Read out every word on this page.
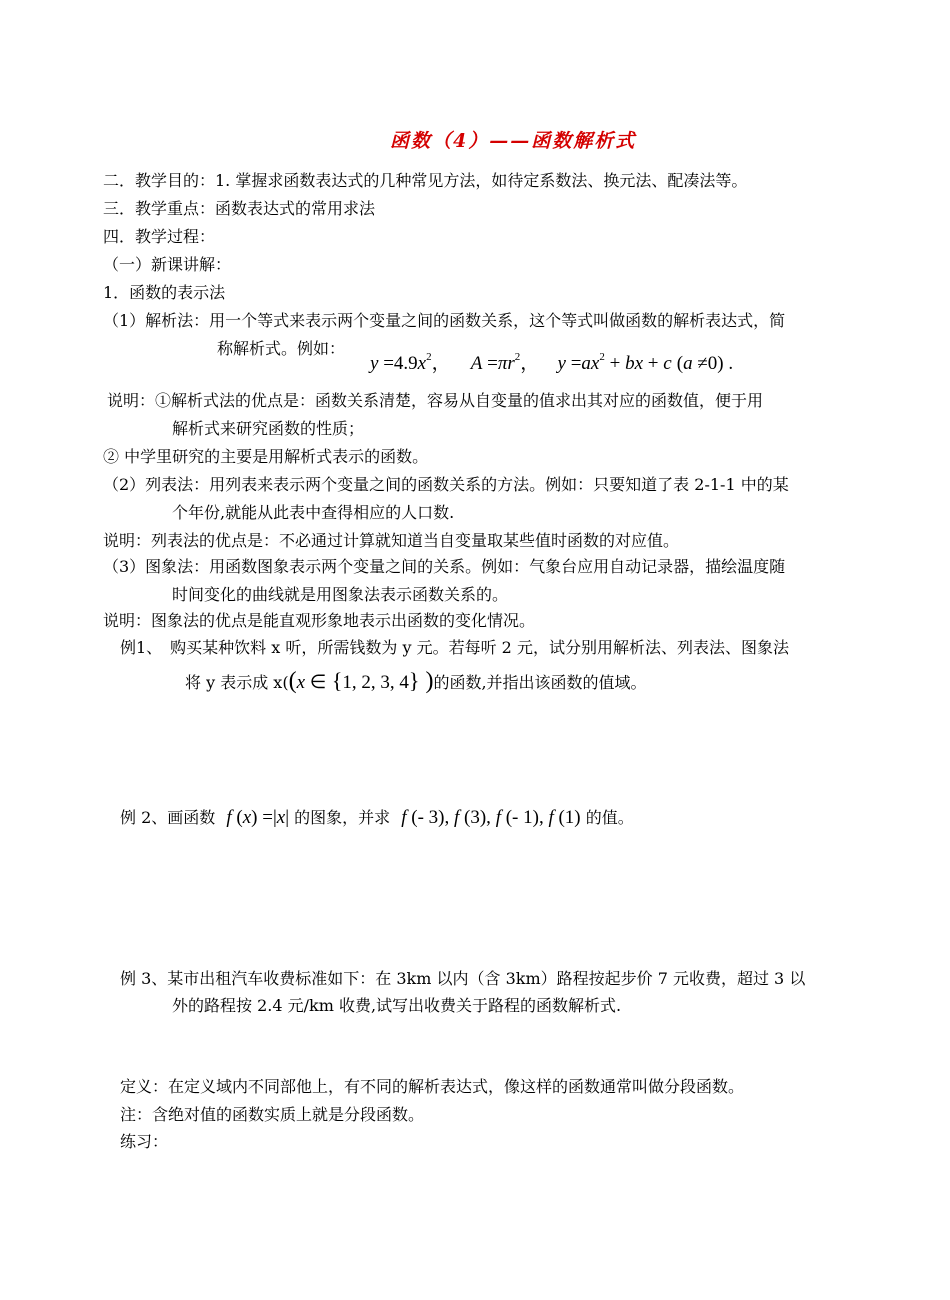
函数（4）——函数解析式
二．教学目的：1. 掌握求函数表达式的几种常见方法，如待定系数法、换元法、配凑法等。
三．教学重点：函数表达式的常用求法
四．教学过程：
（一）新课讲解：
1．函数的表示法
（1）解析法：用一个等式来表示两个变量之间的函数关系，这个等式叫做函数的解析表达式，简
称解析式。例如：
$y =4.9x^2$， $A =\pi r^2$， $y =ax^2$ + bx + c (a ≠0) .
说明：①解析式法的优点是：函数关系清楚，容易从自变量的值求出其对应的函数值，便于用
解析式来研究函数的性质；
② 中学里研究的主要是用解析式表示的函数。
（2）列表法：用列表来表示两个变量之间的函数关系的方法。例如：只要知道了表 2-1-1 中的某
个年份,就能从此表中查得相应的人口数.
说明：列表法的优点是：不必通过计算就知道当自变量取某些值时函数的对应值。
（3）图象法：用函数图象表示两个变量之间的关系。例如：气象台应用自动记录器，描绘温度随
时间变化的曲线就是用图象法表示函数关系的。
说明：图象法的优点是能直观形象地表示出函数的变化情况。
例1、　购买某种饮料 x 听，所需钱数为 y 元。若每听 2 元，试分别用解析法、列表法、图象法
将 y 表示成 x((x ∈ {1, 2, 3, 4} )的函数,并指出该函数的值域。
例 2、画函数 f (x) =|x| 的图象，并求 f (- 3), f (3), f (- 1), f (1) 的值。
例 3、某市出租汽车收费标准如下：在 3km 以内（含 3km）路程按起步价 7 元收费，超过 3 以
外的路程按 2.4 元/km 收费,试写出收费关于路程的函数解析式.
定义：在定义域内不同部他上，有不同的解析表达式，像这样的函数通常叫做分段函数。
注：含绝对值的函数实质上就是分段函数。
练习：
